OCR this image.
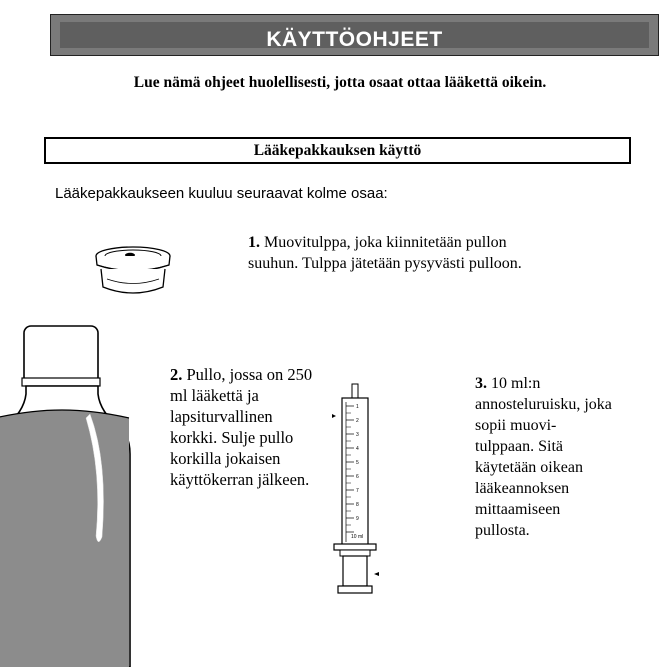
KÄYTTÖOHJEET
Lue nämä ohjeet huolellisesti, jotta osaat ottaa lääkettä oikein.
Lääkepakkauksen käyttö
Lääkepakkaukseen kuuluu seuraavat kolme osaa:
1. Muovitulppa, joka kiinnitetään pullon suuhun. Tulppa jätetään pysyvästi pulloon.
2. Pullo, jossa on 250 ml lääkettä ja lapsiturvallinen korkki. Sulje pullo korkilla jokaisen käyttökerran jälkeen.
1
2
3
4
5
6
7
8
9
10 ml
3. 10 ml:n annosteluruisku, joka sopii muovi-tulppaan. Sitä käytetään oikean lääkeannoksen mittaamiseen pullosta.
